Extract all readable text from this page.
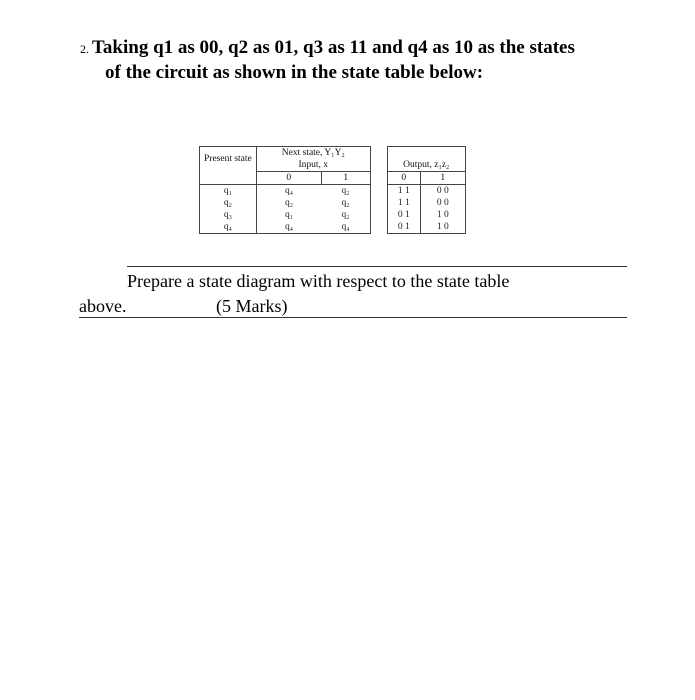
2. Taking q1 as 00, q2 as 01, q3 as 11 and q4 as 10 as the states
of the circuit as shown in the state table below:
Present state	Next state, Y₁Y₂			Output, z₁z₂	
	Input, x				
	0	1		0	1
q₁	q₄	q₂		1 1	0 0
q₂	q₂	q₂		1 1	0 0
q₃	q₁	q₂		0 1	1 0
q₄	q₄	q₄		0 1	1 0
Prepare a state diagram with respect to the state table
above.	(5 Marks)
